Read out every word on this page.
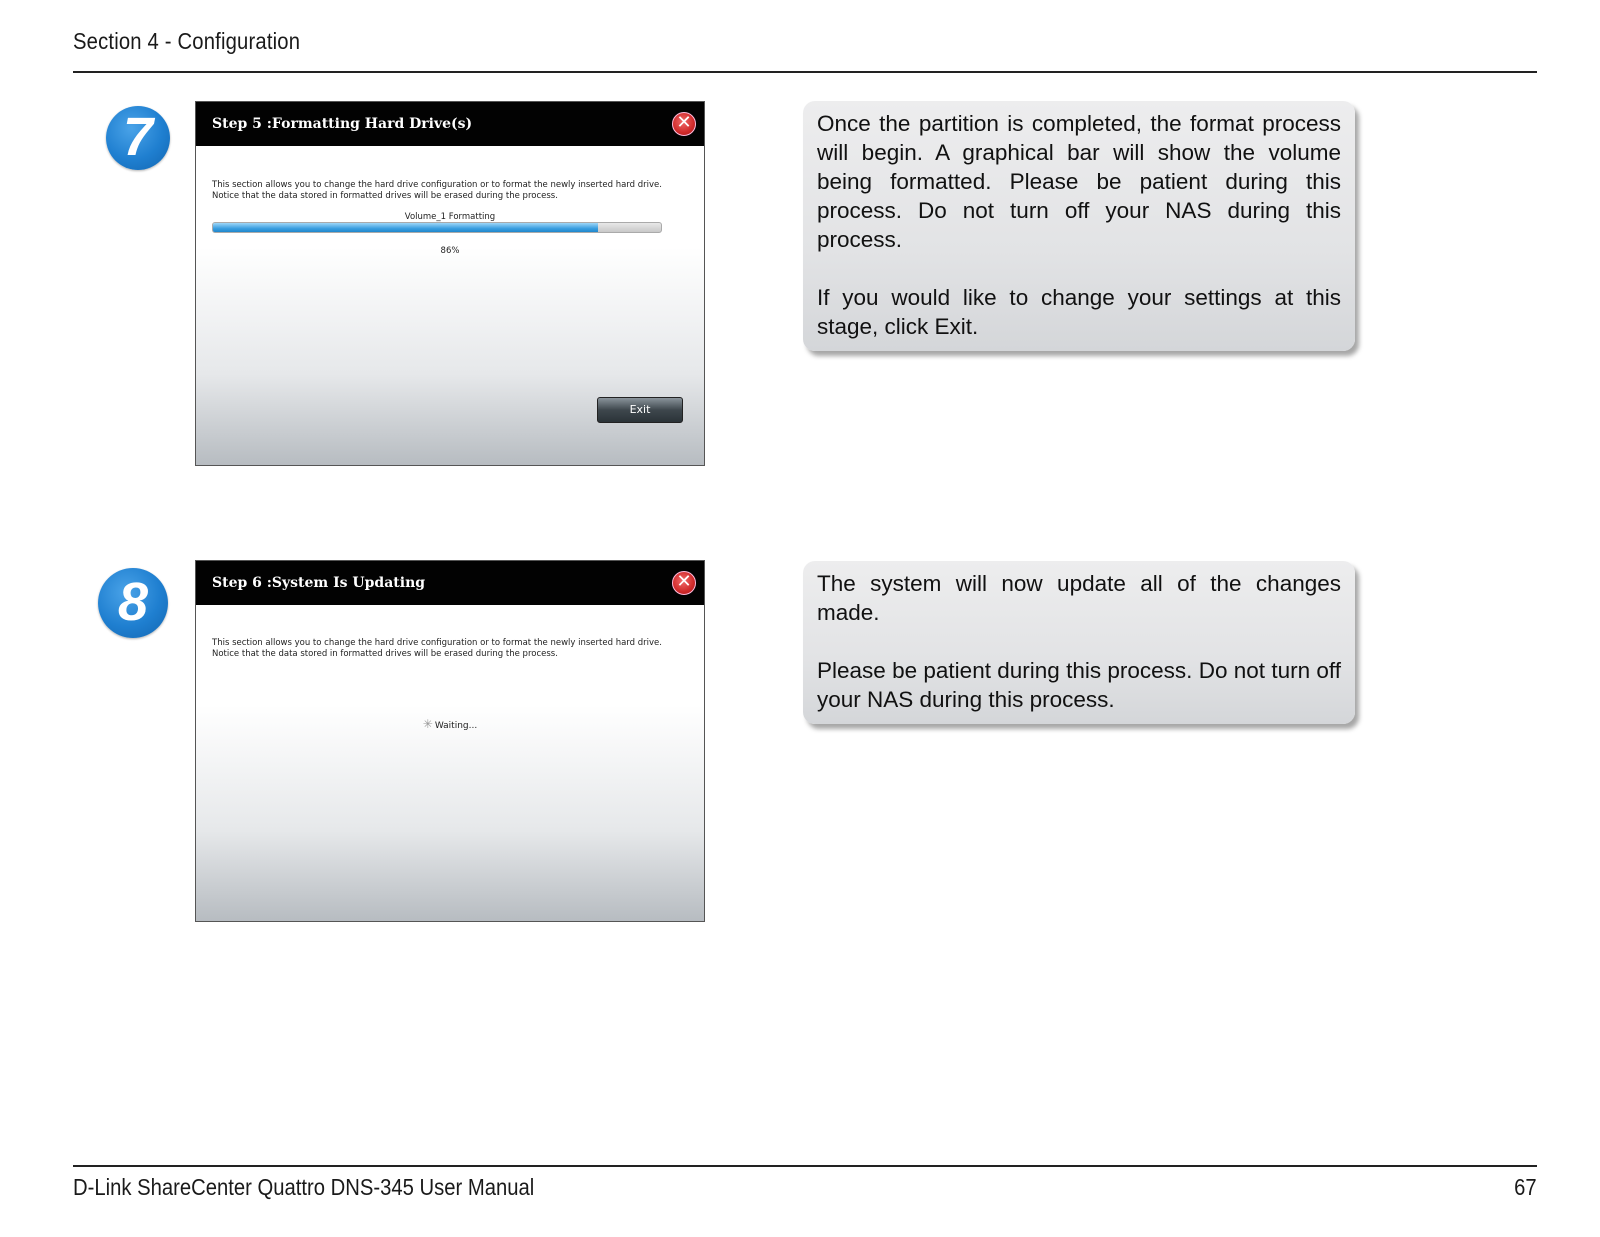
Section 4 - Configuration
7	Step 5 :Formatting Hard Drive(s)	✕
This section allows you to change the hard drive configuration or to format the newly inserted hard drive. Notice that the data stored in formatted drives will be erased during the process.
Volume_1 Formatting
86%
Exit

Once the partition is completed, the format process will begin. A graphical bar will show the volume being formatted. Please be patient during this process. Do not turn off your NAS during this process.

If you would like to change your settings at this stage, click Exit.

8	Step 6 :System Is Updating	✕
This section allows you to change the hard drive configuration or to format the newly inserted hard drive. Notice that the data stored in formatted drives will be erased during the process.
✳ Waiting...

The system will now update all of the changes made.

Please be patient during this process. Do not turn off your NAS during this process.

D-Link ShareCenter Quattro DNS-345 User Manual	67
